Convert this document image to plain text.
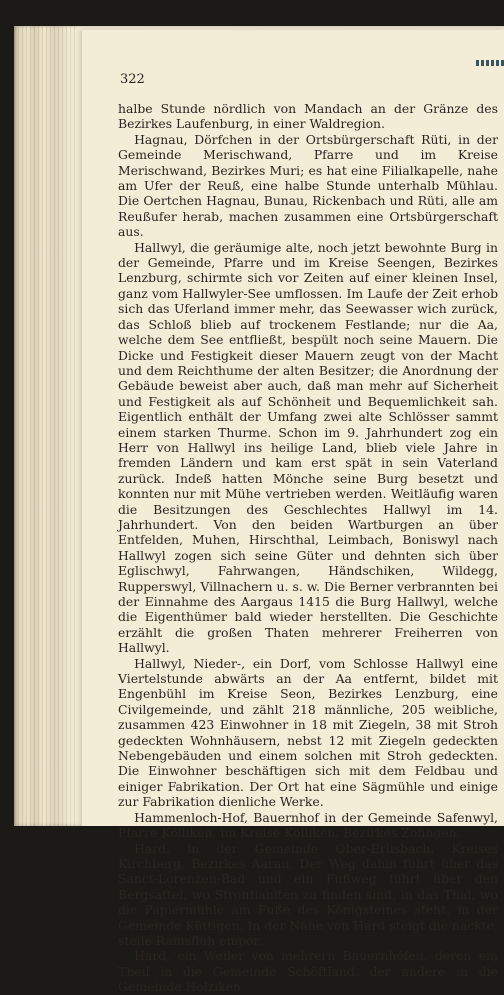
322

halbe Stunde nördlich von Mandach an der Gränze des Bezirkes Laufenburg, in einer Waldregion.

Hagnau, Dörfchen in der Ortsbürgerschaft Rüti, in der Gemeinde Merischwand, Pfarre und im Kreise Merischwand, Bezirkes Muri; es hat eine Filialkapelle, nahe am Ufer der Reuß, eine halbe Stunde unterhalb Mühlau. Die Oertchen Hagnau, Bunau, Rickenbach und Rüti, alle am Reußufer herab, machen zusammen eine Ortsbürgerschaft aus.

Hallwyl, die geräumige alte, noch jetzt bewohnte Burg in der Gemeinde, Pfarre und im Kreise Seengen, Bezirkes Lenzburg, schirmte sich vor Zeiten auf einer kleinen Insel, ganz vom Hallwyler-See umflossen. Im Laufe der Zeit erhob sich das Uferland immer mehr, das Seewasser wich zurück, das Schloß blieb auf trockenem Festlande; nur die Aa, welche dem See entfließt, bespült noch seine Mauern. Die Dicke und Festigkeit dieser Mauern zeugt von der Macht und dem Reichthume der alten Besitzer; die Anordnung der Gebäude beweist aber auch, daß man mehr auf Sicherheit und Festigkeit als auf Schönheit und Bequemlichkeit sah. Eigentlich enthält der Umfang zwei alte Schlösser sammt einem starken Thurme. Schon im 9. Jahrhundert zog ein Herr von Hallwyl ins heilige Land, blieb viele Jahre in fremden Ländern und kam erst spät in sein Vaterland zurück. Indeß hatten Mönche seine Burg besetzt und konnten nur mit Mühe vertrieben werden. Weitläufig waren die Besitzungen des Geschlechtes Hallwyl im 14. Jahrhundert. Von den beiden Wartburgen an über Entfelden, Muhen, Hirschthal, Leimbach, Boniswyl nach Hallwyl zogen sich seine Güter und dehnten sich über Eglischwyl, Fahrwangen, Händschiken, Wildegg, Rupperswyl, Villnachern u. s. w. Die Berner verbrannten bei der Einnahme des Aargaus 1415 die Burg Hallwyl, welche die Eigenthümer bald wieder herstellten. Die Geschichte erzählt die großen Thaten mehrerer Freiherren von Hallwyl.

Hallwyl, Nieder-, ein Dorf, vom Schlosse Hallwyl eine Viertelstunde abwärts an der Aa entfernt, bildet mit Engenbühl im Kreise Seon, Bezirkes Lenzburg, eine Civilgemeinde, und zählt 218 männliche, 205 weibliche, zusammen 423 Einwohner in 18 mit Ziegeln, 38 mit Stroh gedeckten Wohnhäusern, nebst 12 mit Ziegeln gedeckten Nebengebäuden und einem solchen mit Stroh gedeckten. Die Einwohner beschäftigen sich mit dem Feldbau und einiger Fabrikation. Der Ort hat eine Sägmühle und einige zur Fabrikation dienliche Werke.

Hammenloch-Hof, Bauernhof in der Gemeinde Safenwyl, Pfarre Kölliken, im Kreise Kölliken, Bezirkes Zofingen.

Hard, in der Gemeinde Ober-Erlisbach, Kreises Kirchberg, Bezirkes Aarau. Der Weg dahin führt über das Sanct-Lorenzen-Bad und ein Fußweg führt über den Bergsattel, wo Strontianiten zu finden sind, in das Thal, wo die Papiermühle am Fuße des Königsteines steht, in der Gemeinde Küttigen. In der Nähe von Hard steigt die nackte, steile Ramsfluh empor.

Hard, ein Weiler von mehrern Bauernhöfen, deren ein Theil in die Gemeinde Schöftland, der andere in die Gemeinde Holziken
